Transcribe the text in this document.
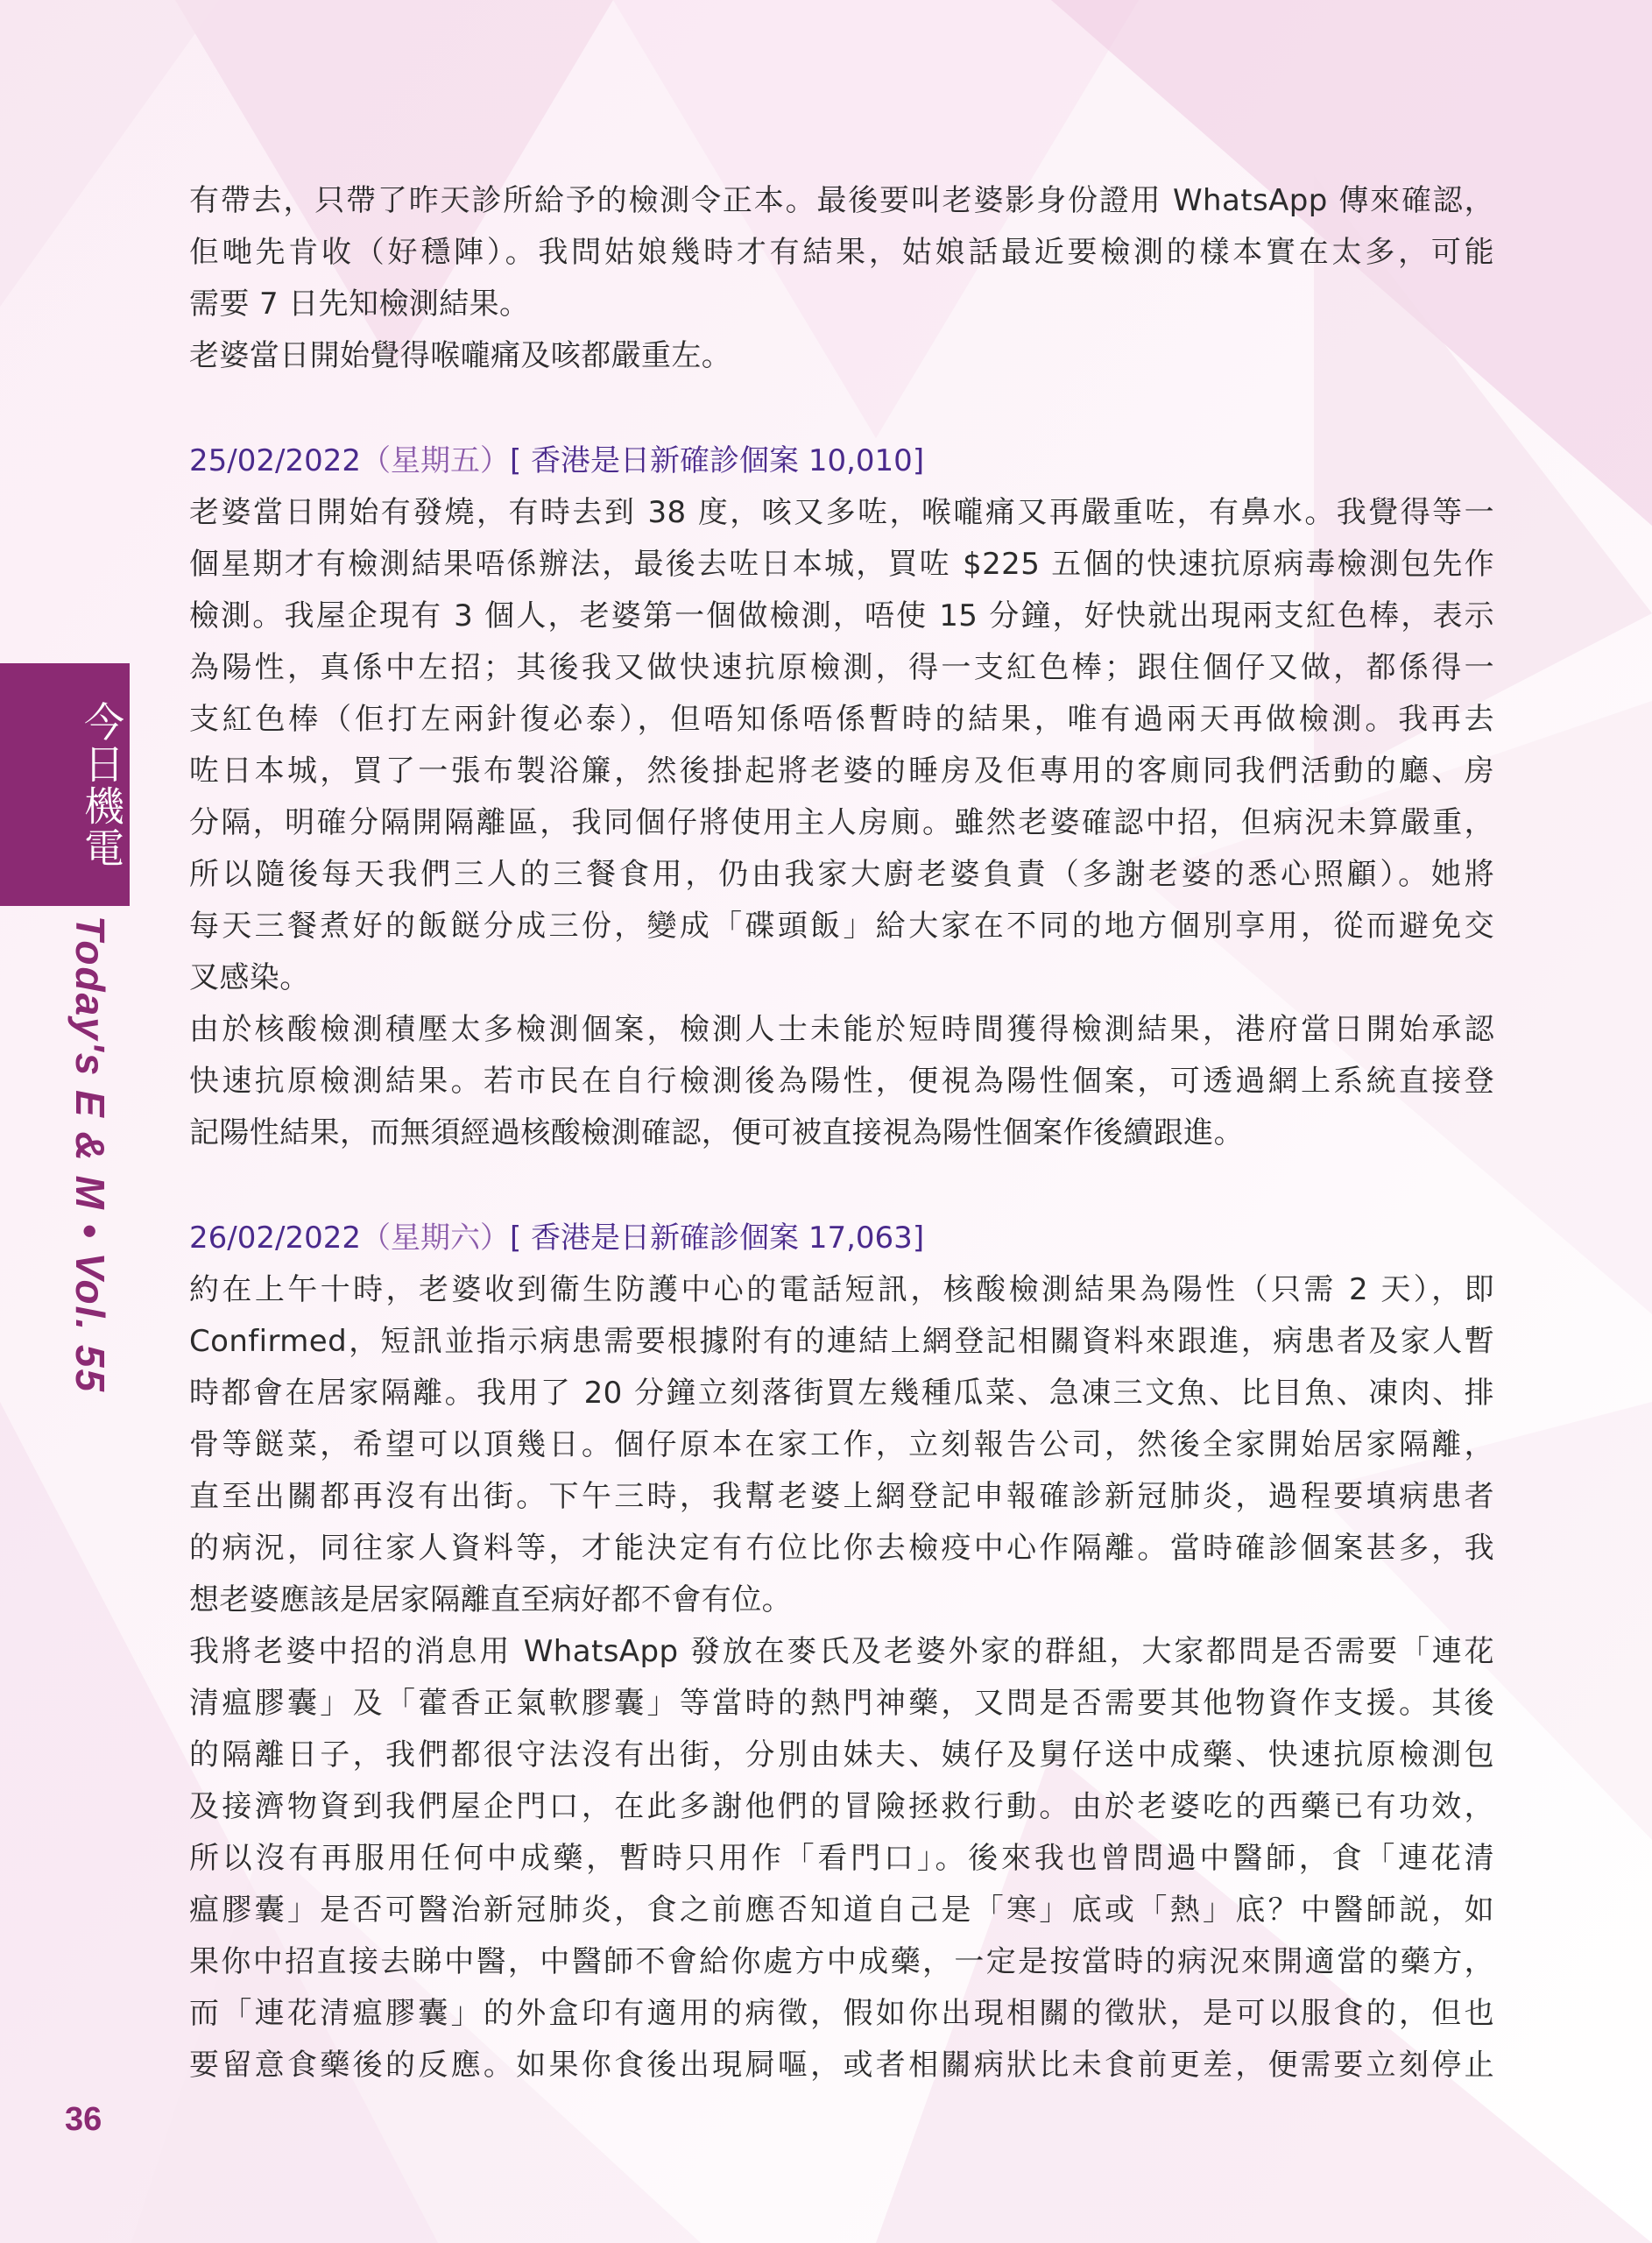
今日機電
Today's E & M • Vol. 55
有帶去，只帶了昨天診所給予的檢測令正本。最後要叫老婆影身份證用 WhatsApp 傳來確認，
佢哋先肯收（好穩陣）。我問姑娘幾時才有結果，姑娘話最近要檢測的樣本實在太多，可能
需要 7 日先知檢測結果。
老婆當日開始覺得喉嚨痛及咳都嚴重左。
25/02/2022（星期五）[ 香港是日新確診個案 10,010]
老婆當日開始有發燒，有時去到 38 度，咳又多咗，喉嚨痛又再嚴重咗，有鼻水。我覺得等一
個星期才有檢測結果唔係辦法，最後去咗日本城，買咗 $225 五個的快速抗原病毒檢測包先作
檢測。我屋企現有 3 個人，老婆第一個做檢測，唔使 15 分鐘，好快就出現兩支紅色棒，表示
為陽性，真係中左招；其後我又做快速抗原檢測，得一支紅色棒；跟住個仔又做，都係得一
支紅色棒（佢打左兩針復必泰），但唔知係唔係暫時的結果，唯有過兩天再做檢測。我再去
咗日本城，買了一張布製浴簾，然後掛起將老婆的睡房及佢專用的客廁同我們活動的廳、房
分隔，明確分隔開隔離區，我同個仔將使用主人房廁。雖然老婆確認中招，但病況未算嚴重，
所以隨後每天我們三人的三餐食用，仍由我家大廚老婆負責（多謝老婆的悉心照顧）。她將
每天三餐煮好的飯餸分成三份，變成「碟頭飯」給大家在不同的地方個別享用，從而避免交
叉感染。
由於核酸檢測積壓太多檢測個案，檢測人士未能於短時間獲得檢測結果，港府當日開始承認
快速抗原檢測結果。若市民在自行檢測後為陽性，便視為陽性個案，可透過網上系統直接登
記陽性結果，而無須經過核酸檢測確認，便可被直接視為陽性個案作後續跟進。
26/02/2022（星期六）[ 香港是日新確診個案 17,063]
約在上午十時，老婆收到衞生防護中心的電話短訊，核酸檢測結果為陽性（只需 2 天），即
Confirmed，短訊並指示病患需要根據附有的連結上網登記相關資料來跟進，病患者及家人暫
時都會在居家隔離。我用了 20 分鐘立刻落街買左幾種瓜菜、急凍三文魚、比目魚、凍肉、排
骨等餸菜，希望可以頂幾日。個仔原本在家工作，立刻報告公司，然後全家開始居家隔離，
直至出關都再沒有出街。下午三時，我幫老婆上網登記申報確診新冠肺炎，過程要填病患者
的病況，同往家人資料等，才能決定有冇位比你去檢疫中心作隔離。當時確診個案甚多，我
想老婆應該是居家隔離直至病好都不會有位。
我將老婆中招的消息用 WhatsApp 發放在麥氏及老婆外家的群組，大家都問是否需要「連花
清瘟膠囊」及「藿香正氣軟膠囊」等當時的熱門神藥，又問是否需要其他物資作支援。其後
的隔離日子，我們都很守法沒有出街，分別由妹夫、姨仔及舅仔送中成藥、快速抗原檢測包
及接濟物資到我們屋企門口，在此多謝他們的冒險拯救行動。由於老婆吃的西藥已有功效，
所以沒有再服用任何中成藥，暫時只用作「看門口」。後來我也曾問過中醫師，食「連花清
瘟膠囊」是否可醫治新冠肺炎，食之前應否知道自己是「寒」底或「熱」底？中醫師説，如
果你中招直接去睇中醫，中醫師不會給你處方中成藥，一定是按當時的病況來開適當的藥方，
而「連花清瘟膠囊」的外盒印有適用的病徵，假如你出現相關的徵狀，是可以服食的，但也
要留意食藥後的反應。如果你食後出現屙嘔，或者相關病狀比未食前更差，便需要立刻停止
36
